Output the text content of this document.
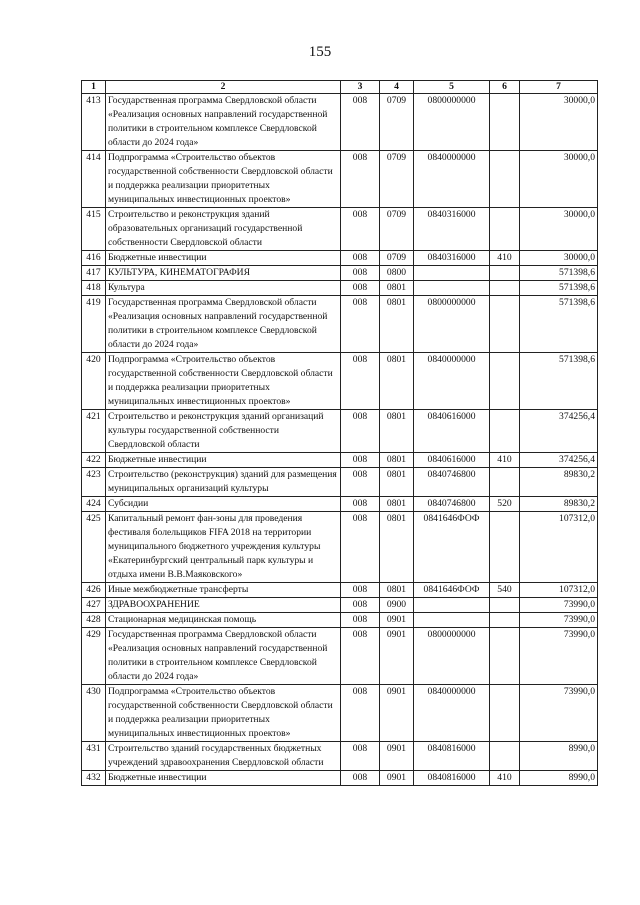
155
1	2	3	4	5	6	7
413	Государственная программа Свердловской области «Реализация основных направлений государственной политики в строительном комплексе Свердловской области до 2024 года»	008	0709	0800000000		30000,0
414	Подпрограмма «Строительство объектов государственной собственности Свердловской области и поддержка реализации приоритетных муниципальных инвестиционных проектов»	008	0709	0840000000		30000,0
415	Строительство и реконструкция зданий образовательных организаций государственной собственности Свердловской области	008	0709	0840316000		30000,0
416	Бюджетные инвестиции	008	0709	0840316000	410	30000,0
417	КУЛЬТУРА, КИНЕМАТОГРАФИЯ	008	0800			571398,6
418	Культура	008	0801			571398,6
419	Государственная программа Свердловской области «Реализация основных направлений государственной политики в строительном комплексе Свердловской области до 2024 года»	008	0801	0800000000		571398,6
420	Подпрограмма «Строительство объектов государственной собственности Свердловской области и поддержка реализации приоритетных муниципальных инвестиционных проектов»	008	0801	0840000000		571398,6
421	Строительство и реконструкция зданий организаций культуры государственной собственности Свердловской области	008	0801	0840616000		374256,4
422	Бюджетные инвестиции	008	0801	0840616000	410	374256,4
423	Строительство (реконструкция) зданий для размещения муниципальных организаций культуры	008	0801	0840746800		89830,2
424	Субсидии	008	0801	0840746800	520	89830,2
425	Капитальный ремонт фан-зоны для проведения фестиваля болельщиков FIFA 2018 на территории муниципального бюджетного учреждения культуры «Екатеринбургский центральный парк культуры и отдыха имени В.В.Маяковского»	008	0801	0841646ФОФ		107312,0
426	Иные межбюджетные трансферты	008	0801	0841646ФОФ	540	107312,0
427	ЗДРАВООХРАНЕНИЕ	008	0900			73990,0
428	Стационарная медицинская помощь	008	0901			73990,0
429	Государственная программа Свердловской области «Реализация основных направлений государственной политики в строительном комплексе Свердловской области до 2024 года»	008	0901	0800000000		73990,0
430	Подпрограмма «Строительство объектов государственной собственности Свердловской области и поддержка реализации приоритетных муниципальных инвестиционных проектов»	008	0901	0840000000		73990,0
431	Строительство зданий государственных бюджетных учреждений здравоохранения Свердловской области	008	0901	0840816000		8990,0
432	Бюджетные инвестиции	008	0901	0840816000	410	8990,0
